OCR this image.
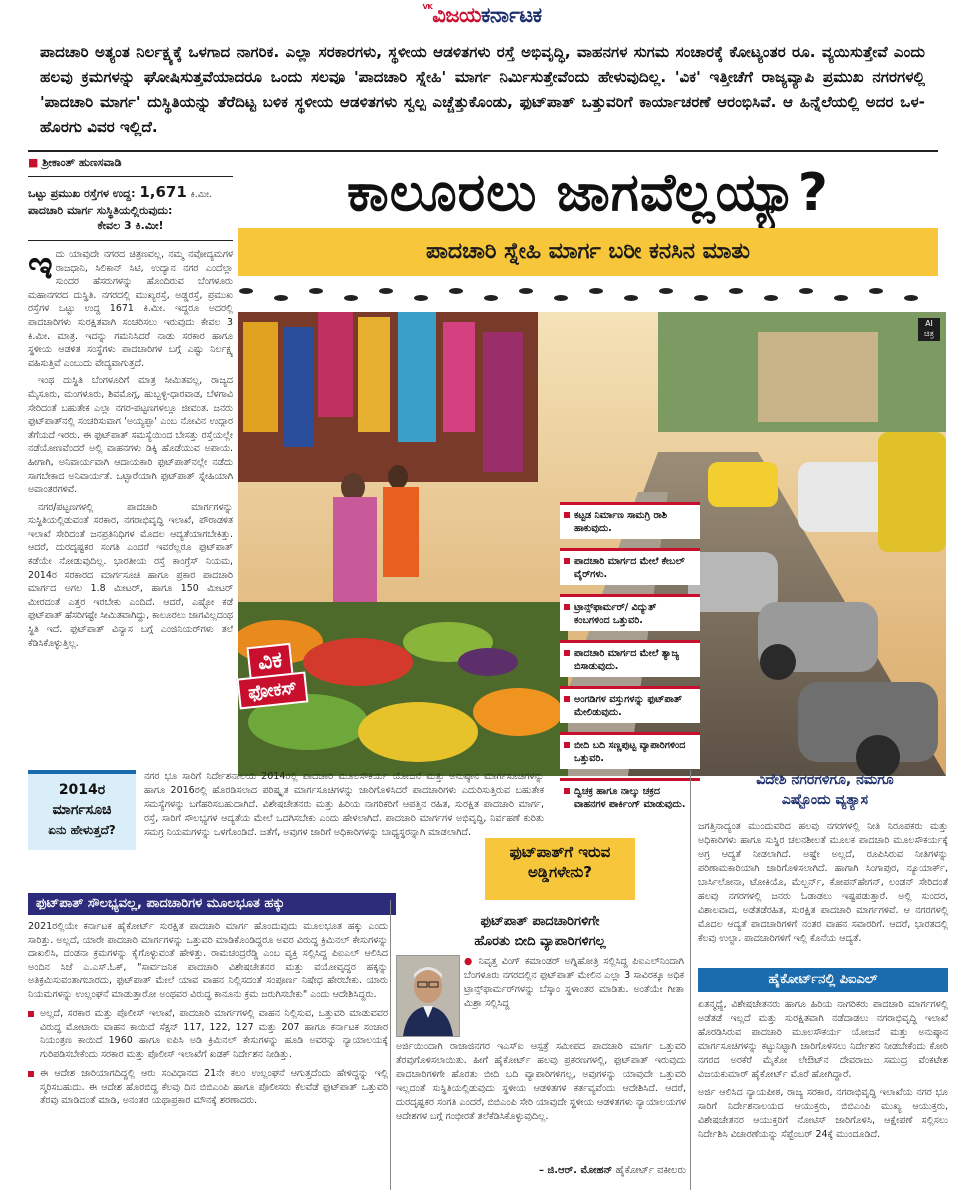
$^{VK}$ವಿಜಯಕರ್ನಾಟಕ
ಪಾದಚಾರಿ ಅತ್ಯಂತ ನಿರ್ಲಕ್ಷ್ಯಕ್ಕೆ ಒಳಗಾದ ನಾಗರಿಕ. ಎಲ್ಲಾ ಸರಕಾರಗಳು, ಸ್ಥಳೀಯ ಆಡಳಿತಗಳು ರಸ್ತೆ ಅಭಿವೃದ್ಧಿ, ವಾಹನಗಳ ಸುಗಮ ಸಂಚಾರಕ್ಕೆ ಕೋಟ್ಯಂತರ ರೂ. ವ್ಯಯಿಸುತ್ತೇವೆ ಎಂದು ಹಲವು ಕ್ರಮಗಳನ್ನು ಘೋಷಿಸುತ್ತವೆಯಾದರೂ ಒಂದು ಸಲವೂ 'ಪಾದಚಾರಿ ಸ್ನೇಹಿ' ಮಾರ್ಗ ನಿರ್ಮಿಸುತ್ತೇವೆಂದು ಹೇಳುವುದಿಲ್ಲ. 'ವಿಕ' ಇತ್ತೀಚೆಗೆ ರಾಜ್ಯವ್ಯಾಪಿ ಪ್ರಮುಖ ನಗರಗಳಲ್ಲಿ 'ಪಾದಚಾರಿ ಮಾರ್ಗ' ದುಸ್ಥಿತಿಯನ್ನು ತೆರೆದಿಟ್ಟ ಬಳಿಕ ಸ್ಥಳೀಯ ಆಡಳಿತಗಳು ಸ್ವಲ್ಪ ಎಚ್ಚೆತ್ತುಕೊಂಡು, ಫುಟ್‌ಪಾತ್ ಒತ್ತುವರಿಗೆ ಕಾರ್ಯಾಚರಣೆ ಆರಂಭಿಸಿವೆ. ಆ ಹಿನ್ನೆಲೆಯಲ್ಲಿ ಅದರ ಒಳ-ಹೊರಗು ವಿವರ ಇಲ್ಲಿದೆ.
■ ಶ್ರೀಕಾಂತ್ ಹುಣಸವಾಡಿ
ಒಟ್ಟು ಪ್ರಮುಖ ರಸ್ತೆಗಳ ಉದ್ದ: 1,671 ಕಿ.ಮೀ.
ಪಾದಚಾರಿ ಮಾರ್ಗ ಸುಸ್ಥಿತಿಯಲ್ಲಿರುವುದು:
ಕೇವಲ 3 ಕಿ.ಮೀ!

ಇದು ಯಾವುದೇ ನಗರದ ಚಿತ್ರಣವಲ್ಲ, ನಮ್ಮ ನವೋದ್ಯಮಗಳ ರಾಜಧಾನಿ, ಸಿಲಿಕಾನ್ ಸಿಟಿ, ಉದ್ಯಾನ ನಗರ ಎಂದೆಲ್ಲಾ ಸುಂದರ ಹೆಸರುಗಳನ್ನು ಹೊಂದಿರುವ ಬೆಂಗಳೂರು ಮಹಾನಗರದ ದುಸ್ಥಿತಿ. ನಗರದಲ್ಲಿ ಮುಖ್ಯರಸ್ತೆ, ಅಡ್ಡರಸ್ತೆ, ಪ್ರಮುಖ ರಸ್ತೆಗಳ ಒಟ್ಟು ಉದ್ದ 1671 ಕಿ.ಮೀ. ಇದ್ದರೂ ಅದರಲ್ಲಿ ಪಾದಚಾರಿಗಳು ಸುರಕ್ಷಿತವಾಗಿ ಸಂಚರಿಸಲು ಇರುವುದು ಕೇವಲ 3 ಕಿ.ಮೀ. ಮಾತ್ರ. ಇದನ್ನು ಗಮನಿಸಿದರೆ ನಾಡು ಸರಕಾರ ಹಾಗೂ ಸ್ಥಳೀಯ ಆಡಳಿತ ಸಂಸ್ಥೆಗಳು ಪಾದಚಾರಿಗಳ ಬಗ್ಗೆ ಎಷ್ಟು ನಿರ್ಲಕ್ಷ್ಯ ವಹಿಸುತ್ತಿವೆ ಎಂಬುದು ವೇದ್ಯವಾಗುತ್ತದೆ.

ಇಂಥ ದುಸ್ಥಿತಿ ಬೆಂಗಳೂರಿಗೆ ಮಾತ್ರ ಸೀಮಿತವಲ್ಲ, ರಾಜ್ಯದ ಮೈಸೂರು, ಮಂಗಳೂರು, ಶಿವಮೊಗ್ಗ, ಹುಬ್ಬಳ್ಳಿ-ಧಾರವಾಡ, ಬೆಳಗಾವಿ ಸೇರಿದಂತೆ ಬಹುತೇಕ ಎಲ್ಲಾ ನಗರ-ಪಟ್ಟಣಗಳಲ್ಲೂ ಜೀವಂತ. ಜನರು ಫುಟ್‌ಪಾತ್‌ನಲ್ಲಿ ಸಂಚರಿಸುವಾಗ 'ಅಯ್ಯಪ್ಪಾ' ಎಂಬ ನೋವಿನ ಉದ್ಗಾರ ತೆಗೆಯದೆ ಇರರು. ಈ ಫುಟ್‌ಪಾತ್ ಸಮಸ್ಯೆಯಿಂದ ಬೇಸತ್ತು ರಸ್ತೆಯಲ್ಲೇ ನಡೆಯೋಣವೆಂದರೆ ಅಲ್ಲಿ ವಾಹನಗಳು ಡಿಕ್ಕಿ ಹೊಡೆಯುವ ಅಪಾಯ. ಹೀಗಾಗಿ, ಅನಿವಾರ್ಯವಾಗಿ ಆದಾಯಕಾರಿ ಫುಟ್‌ಪಾತ್‌ನಲ್ಲೇ ನಡೆದು ಸಾಗಬೇಕಾದ ಅನಿವಾರ್ಯತೆ. ಒಟ್ಟಾರೆಯಾಗಿ ಫುಟ್‌ಪಾತ್ ಸ್ನೇಹಿಯಾಗಿ ಅವಾಂತರಗಳಿವೆ.

ನಗರ/ಪಟ್ಟಣಗಳಲ್ಲಿ ಪಾದಚಾರಿ ಮಾರ್ಗಗಳನ್ನು ಸುಸ್ಥಿತಿಯಲ್ಲಿಡುವಂತೆ ಸರಕಾರ, ನಗರಾಭಿವೃದ್ಧಿ ಇಲಾಖೆ, ಪೌರಾಡಳಿತ ಇಲಾಖೆ ಸೇರಿದಂತೆ ಜನಪ್ರತಿನಿಧಿಗಳ ಮೊದಲ ಆದ್ಯತೆಯಾಗಬೇಕಿತ್ತು. ಆದರೆ, ದುರದೃಷ್ಟಕರ ಸಂಗತಿ ಎಂದರೆ ಇವರೆಲ್ಲರೂ ಫುಟ್‌ಪಾತ್ ಕಡೆಯೇ ನೋಡುವುದಿಲ್ಲ. ಭಾರತೀಯ ರಸ್ತೆ ಕಾಂಗ್ರೆಸ್ ನಿಯಮ, 2014ರ ಸರಕಾರದ ಮಾರ್ಗಸೂಚಿ ಹಾಗೂ ಪ್ರಕಾರ ಪಾದಚಾರಿ ಮಾರ್ಗದ ಅಗಲ 1.8 ಮೀಟರ್, ಹಾಗೂ 150 ಮೀಟರ್ ಮೀರದಂತೆ ಎತ್ತರ ಇರಬೇಕು ಎಂದಿದೆ. ಆದರೆ, ಎಷ್ಟೋ ಕಡೆ ಫುಟ್‌ಪಾತ್ ಹೆಸರಿಗಷ್ಟೇ ಸೀಮಿತವಾಗಿದ್ದು, ಕಾಲೂರಲು ಜಾಗವಿಲ್ಲದಂಥ ಸ್ಥಿತಿ ಇದೆ. ಫುಟ್‌ಪಾತ್ ವಿನ್ಯಾಸ ಬಗ್ಗೆ ಎಂಜಿನಿಯರ್‌ಗಳು ತಲೆ ಕೆಡಿಸಿಕೊಳ್ಳುತ್ತಿಲ್ಲ.

ಕಾಲೂರಲು ಜಾಗವೆಲ್ಲಯ್ಯಾ?
ಪಾದಚಾರಿ ಸ್ನೇಹಿ ಮಾರ್ಗ ಬರೀ ಕನಸಿನ ಮಾತು
AI
ಚಿತ್ರ
ಕಟ್ಟಡ ನಿರ್ಮಾಣ ಸಾಮಗ್ರಿ ರಾಶಿ ಹಾಕುವುದು.
ಪಾದಚಾರಿ ಮಾರ್ಗದ ಮೇಲೆ ಕೇಬಲ್ ವೈರ್‌ಗಳು.
ಟ್ರಾನ್ಸ್‌ಫಾರ್ಮರ್/ ವಿದ್ಯುತ್ ಕಂಬಗಳಿಂದ ಒತ್ತುವರಿ.
ಪಾದಚಾರಿ ಮಾರ್ಗದ ಮೇಲೆ ತ್ಯಾಜ್ಯ ಬಿಸಾಡುವುದು.
ಅಂಗಡಿಗಳ ವಸ್ತುಗಳನ್ನು ಫುಟ್‌ಪಾತ್ ಮೇಲಿಡುವುದು.
ಬೀದಿ ಬದಿ ಸಣ್ಣಪುಟ್ಟ ವ್ಯಾಪಾರಿಗಳಿಂದ ಒತ್ತುವರಿ.
ದ್ವಿಚಕ್ರ ಹಾಗೂ ನಾಲ್ಕು ಚಕ್ರದ ವಾಹನಗಳ ಪಾರ್ಕಿಂಗ್ ಮಾಡುವುದು.
ವಿಕ
ಫೋಕಸ್
2014ರ
ಮಾರ್ಗಸೂಚಿ
ಏನು ಹೇಳುತ್ತದೆ?
ನಗರ ಭೂ ಸಾರಿಗೆ ನಿರ್ದೇಶನಾಲಯ 2014ರಲ್ಲಿ ಪಾದಚಾರಿ ಮೂಲಸೌಕರ್ಯ ಯೋಜನೆ ಮತ್ತು ಅನುಷ್ಠಾನ ಮಾರ್ಗಸೂಚಿಗಳನ್ನು ಹಾಗೂ 2016ರಲ್ಲಿ ಹೊರಡಿಸಲಾದ ಪರಿಷ್ಕೃತ ಮಾರ್ಗಸೂಚಿಗಳನ್ನು ಜಾರಿಗೊಳಿಸಿದರೆ ಪಾದಚಾರಿಗಳು ಎದುರಿಸುತ್ತಿರುವ ಬಹುತೇಕ ಸಮಸ್ಯೆಗಳನ್ನು ಬಗೆಹರಿಸಬಹುದಾಗಿದೆ. ವಿಶೇಷಚೇತನರು ಮತ್ತು ಹಿರಿಯ ನಾಗರಿಕರಿಗೆ ಆಪತ್ತಿನ ರಹಿತ, ಸುರಕ್ಷಿತ ಪಾದಚಾರಿ ಮಾರ್ಗ, ರಸ್ತೆ, ಸಾರಿಗೆ ಸೌಲಭ್ಯಗಳ ಆದ್ಯತೆಯ ಮೇಲೆ ಒದಗಿಸಬೇಕು ಎಂದು ಹೇಳಲಾಗಿದೆ. ಪಾದಚಾರಿ ಮಾರ್ಗಗಳ ಅಭಿವೃದ್ಧಿ, ನಿರ್ವಹಣೆ ಕುರಿತು ಸಮಗ್ರ ನಿಯಮಗಳನ್ನು ಒಳಗೊಂಡಿದೆ. ಜತೆಗೆ, ಅವುಗಳ ಜಾರಿಗೆ ಅಧಿಕಾರಿಗಳನ್ನು ಬಾಧ್ಯಸ್ಥರನ್ನಾಗಿ ಮಾಡಲಾಗಿದೆ.
ಫುಟ್‌ಪಾತ್‌ಗೆ ಇರುವ
ಅಡ್ಡಿಗಳೇನು?
ಫುಟ್‌ಪಾತ್ ಸೌಲಭ್ಯವಲ್ಲ, ಪಾದಚಾರಿಗಳ ಮೂಲಭೂತ ಹಕ್ಕು

2021ರಲ್ಲಿಯೇ ಕರ್ನಾಟಕ ಹೈಕೋರ್ಟ್ ಸುರಕ್ಷಿತ ಪಾದಚಾರಿ ಮಾರ್ಗ ಹೊಂದುವುದು ಮೂಲಭೂತ ಹಕ್ಕು ಎಂದು ಸಾರಿತ್ತು. ಅಲ್ಲದೆ, ಯಾರೇ ಪಾದಚಾರಿ ಮಾರ್ಗಗಳನ್ನು ಒತ್ತುವರಿ ಮಾಡಿಕೊಂಡಿದ್ದರೂ ಅವರ ವಿರುದ್ಧ ಕ್ರಿಮಿನಲ್ ಕೇಸುಗಳನ್ನು ದಾಖಲಿಸಿ, ದಂಡನಾ ಕ್ರಮಗಳನ್ನು ಕೈಗೊಳ್ಳುವಂತೆ ಹೇಳಿತ್ತು. ರಾಮಚಂದ್ರರೆಡ್ಡಿ ಎಂಬ ವ್ಯಕ್ತಿ ಸಲ್ಲಿಸಿದ್ದ ಪಿಐಎಲ್ ಆಲಿಸಿದ ಅಂದಿನ ಸಿಜೆ ಎ.ಎಸ್.ಓಕ್, "ಸಾರ್ವಜನಿಕ ಪಾದಚಾರಿ ವಿಶೇಷಚೇತನರ ಮತ್ತು ವಯೋವೃದ್ಧರ ಹಕ್ಕನ್ನು ಅತಿಕ್ರಮಿಸುವಂತಾಗಬಾರದು, ಫುಟ್‌ಪಾತ್ ಮೇಲೆ ಯಾವ ವಾಹನ ನಿಲ್ಲಿಸದಂತೆ ಸಂಪೂರ್ಣ ನಿಷೇಧ ಹೇರಬೇಕು. ಯಾರು ನಿಯಮಗಳನ್ನು ಉಲ್ಲಂಘನೆ ಮಾಡುತ್ತಾರೋ ಅಂಥವರ ವಿರುದ್ಧ ಕಾನೂನು ಕ್ರಮ ಜರುಗಿಸಬೇಕು" ಎಂದು ಆದೇಶಿಸಿದ್ದರು.

ಅಲ್ಲದೆ, ಸರಕಾರ ಮತ್ತು ಪೊಲೀಸ್ ಇಲಾಖೆ, ಪಾದಚಾರಿ ಮಾರ್ಗಗಳಲ್ಲಿ ವಾಹನ ನಿಲ್ಲಿಸುವ, ಒತ್ತುವರಿ ಮಾಡುವವರ ವಿರುದ್ಧ ಮೋಟಾರು ವಾಹನ ಕಾಯಿದೆ ಸೆಕ್ಷನ್ 117, 122, 127 ಮತ್ತು 207 ಹಾಗೂ ಕರ್ನಾಟಕ ಸಂಚಾರ ನಿಯಂತ್ರಣ ಕಾಯಿದೆ 1960 ಹಾಗೂ ಐಪಿಸಿ ಅಡಿ ಕ್ರಿಮಿನಲ್ ಕೇಸುಗಳನ್ನು ಹೂಡಿ ಅವರನ್ನು ನ್ಯಾಯಾಲಯಕ್ಕೆ ಗುರಿಪಡಿಸಬೇಕೆಂದು ಸರಕಾರ ಮತ್ತು ಪೊಲೀಸ್ ಇಲಾಖೆಗೆ ಖಡಕ್ ನಿರ್ದೇಶನ ನೀಡಿತ್ತು.

ಈ ಆದೇಶ ಜಾರಿಯಾಗದಿದ್ದಲ್ಲಿ ಆರು ಸಂವಿಧಾನದ 21ನೇ ಕಲಂ ಉಲ್ಲಂಘನೆ ಆಗುತ್ತದೆಂದು ಹೇಳಿದ್ದನ್ನು ಇಲ್ಲಿ ಸ್ಮರಿಸಬಹುದು. ಈ ಆದೇಶ ಹೊರಬಿದ್ದ ಕೆಲವು ದಿನ ಬಿಬಿಎಂಪಿ ಹಾಗೂ ಪೊಲೀಸರು ಕೆಲವೆಡೆ ಫುಟ್‌ಪಾತ್ ಒತ್ತುವರಿ ತೆರವು ಮಾಡಿದಂತೆ ಮಾಡಿ, ಅನಂತರ ಯಥಾಪ್ರಕಾರ ಮೌನಕ್ಕೆ ಶರಣಾದರು.

ಫುಟ್‌ಪಾತ್ ಪಾದಚಾರಿಗಳಿಗೇ
ಹೊರತು ಬೀದಿ ವ್ಯಾಪಾರಿಗಳಿಗಲ್ಲ
● ನಿವೃತ್ತ ವಿಂಗ್ ಕಮಾಂಡರ್ ಅಗ್ನಿಹೋತ್ರಿ ಸಲ್ಲಿಸಿದ್ದ ಪಿಐಎಲ್‌ನಿಂದಾಗಿ ಬೆಂಗಳೂರು ನಗರದಲ್ಲಿನ ಫುಟ್‌ಪಾತ್ ಮೇಲಿನ ಎಲ್ಲಾ 3 ಸಾವಿರಕ್ಕೂ ಅಧಿಕ ಟ್ರಾನ್ಸ್‌ಫಾರ್ಮರ್‌ಗಳನ್ನು ಬೆಸ್ಕಾಂ ಸ್ಥಳಾಂತರ ಮಾಡಿತು. ಅಂತೆಯೇ ಗೀತಾ ಮಿಶ್ರಾ ಸಲ್ಲಿಸಿದ್ದ
ಅರ್ಜಿಯಿಂದಾಗಿ ರಾಜಾಜಿನಗರ ಇಎಸ್‌ಐ ಆಸ್ಪತ್ರೆ ಸಮೀಪದ ಪಾದಚಾರಿ ಮಾರ್ಗ ಒತ್ತುವರಿ ತೆರವುಗೊಳಿಸಲಾಯಿತು. ಹೀಗೆ ಹೈಕೋರ್ಟ್ ಹಲವು ಪ್ರಕರಣಗಳಲ್ಲಿ, ಫುಟ್‌ಪಾತ್ ಇರುವುದು ಪಾದಚಾರಿಗಳಿಗೇ ಹೊರತು ಬೀದಿ ಬದಿ ವ್ಯಾಪಾರಿಗಳಿಗಲ್ಲ, ಅವುಗಳನ್ನು ಯಾವುದೇ ಒತ್ತುವರಿ ಇಲ್ಲದಂತೆ ಸುಸ್ಥಿತಿಯಲ್ಲಿಡುವುದು ಸ್ಥಳೀಯ ಆಡಳಿತಗಳ ಕರ್ತವ್ಯವೆಂದು ಆದೇಶಿಸಿದೆ. ಆದರೆ, ದುರದೃಷ್ಟಕರ ಸಂಗತಿ ಎಂದರೆ, ಬಿಬಿಎಂಪಿ ಸೇರಿ ಯಾವುದೇ ಸ್ಥಳೀಯ ಆಡಳಿತಗಳು ನ್ಯಾಯಾಲಯಗಳ ಆದೇಶಗಳ ಬಗ್ಗೆ ಗಂಭೀರತೆ ತಲೆಕೆಡಿಸಿಕೊಳ್ಳುವುದಿಲ್ಲ.
– ಜಿ.ಆರ್. ಮೋಹನ್ ಹೈಕೋರ್ಟ್ ವಕೀಲರು
ವಿದೇಶಿ ನಗರಗಳಿಗೂ, ನಮಗೂ
ಎಷ್ಟೊಂದು ವ್ಯತ್ಯಾಸ
ಜಗತ್ತಿನಾದ್ಯಂತ ಮುಂದುವರಿದ ಹಲವು ನಗರಗಳಲ್ಲಿ ನೀತಿ ನಿರೂಪಕರು ಮತ್ತು ಅಧಿಕಾರಿಗಳು ಹಾಗೂ ಸುಸ್ಥಿರ ಚಲನಶೀಲತೆ ಮೂಲಕ ಪಾದಚಾರಿ ಮೂಲಸೌಕರ್ಯಕ್ಕೆ ಅಗ್ರ ಆದ್ಯತೆ ನೀಡಲಾಗಿದೆ. ಅಷ್ಟೇ ಅಲ್ಲದೆ, ರೂಪಿಸಿರುವ ನೀತಿಗಳನ್ನು ಪರಿಣಾಮಕಾರಿಯಾಗಿ ಜಾರಿಗೊಳಿಸಲಾಗಿದೆ. ಹಾಗಾಗಿ ಸಿಂಗಾಪುರ, ನ್ಯೂಯಾರ್ಕ್, ಬಾರ್ಸಿಲೋನಾ, ಟೋಕಿಯೊ, ಮೆಲ್ಬರ್ನ್, ಕೋಪನ್‌ಹೇಗನ್, ಲಂಡನ್ ಸೇರಿದಂತೆ ಹಲವು ನಗರಗಳಲ್ಲಿ ಜನರು ಓಡಾಡಲು ಇಷ್ಟಪಡುತ್ತಾರೆ. ಅಲ್ಲಿ ಸುಂದರ, ವಿಶಾಲವಾದ, ಅಡೆತಡೆರಹಿತ, ಸುರಕ್ಷಿತ ಪಾದಚಾರಿ ಮಾರ್ಗಗಳಿವೆ. ಆ ನಗರಗಳಲ್ಲಿ ಮೊದಲ ಆದ್ಯತೆ ಪಾದಚಾರಿಗಳಿಗೆ ನಂತರ ವಾಹನ ಸವಾರರಿಗೆ. ಆದರೆ, ಭಾರತದಲ್ಲಿ ಕೆಲವು ಉಲ್ಟಾ. ಪಾದಚಾರಿಗಳಿಗೆ ಇಲ್ಲಿ ಕೊನೆಯ ಆದ್ಯತೆ.
ಹೈಕೋರ್ಟ್‌ನಲ್ಲಿ ಪಿಐಎಲ್

ಏತನ್ಮಧ್ಯೆ, ವಿಶೇಷಚೇತನರು ಹಾಗೂ ಹಿರಿಯ ನಾಗರಿಕರು ಪಾದಚಾರಿ ಮಾರ್ಗಗಳಲ್ಲಿ ಅಡೆತಡೆ ಇಲ್ಲದೆ ಮತ್ತು ಸುರಕ್ಷಿತವಾಗಿ ನಡೆದಾಡಲು ನಗರಾಭಿವೃದ್ಧಿ ಇಲಾಖೆ ಹೊರಡಿಸಿರುವ ಪಾದಚಾರಿ ಮೂಲಸೌಕರ್ಯ ಯೋಜನೆ ಮತ್ತು ಅನುಷ್ಠಾನ ಮಾರ್ಗಸೂಚಿಗಳನ್ನು ಕಟ್ಟುನಿಟ್ಟಾಗಿ ಜಾರಿಗೊಳಿಸಲು ನಿರ್ದೇಶನ ನೀಡಬೇಕೆಂದು ಕೋರಿ ನಗರದ ಅರಕೆರೆ ಮೈಕೋ ಲೇಔಟ್‌ನ ದೇವರಾಜು ಸಮುದ್ರ ವೆಂಕಟೇಶ ವಿಜಯಕುಮಾರ್ ಹೈಕೋರ್ಟ್ ಮೊರೆ ಹೋಗಿದ್ದಾರೆ.

ಅರ್ಜಿ ಆಲಿಸಿದ ನ್ಯಾಯಪೀಠ, ರಾಜ್ಯ ಸರಕಾರ, ನಗರಾಭಿವೃದ್ಧಿ ಇಲಾಖೆಯ ನಗರ ಭೂ ಸಾರಿಗೆ ನಿರ್ದೇಶನಾಲಯದ ಆಯುಕ್ತರು, ಬಿಬಿಎಂಪಿ ಮುಖ್ಯ ಆಯುಕ್ತರು, ವಿಶೇಷಚೇತನರ ಆಯುಕ್ತರಿಗೆ ನೋಟಿಸ್ ಜಾರಿಗೊಳಿಸಿ, ಆಕ್ಷೇಪಣೆ ಸಲ್ಲಿಸಲು ನಿರ್ದೇಶಿಸಿ ವಿಚಾರಣೆಯನ್ನು ಸೆಪ್ಟೆಂಬರ್ 24ಕ್ಕೆ ಮುಂದೂಡಿದೆ.
